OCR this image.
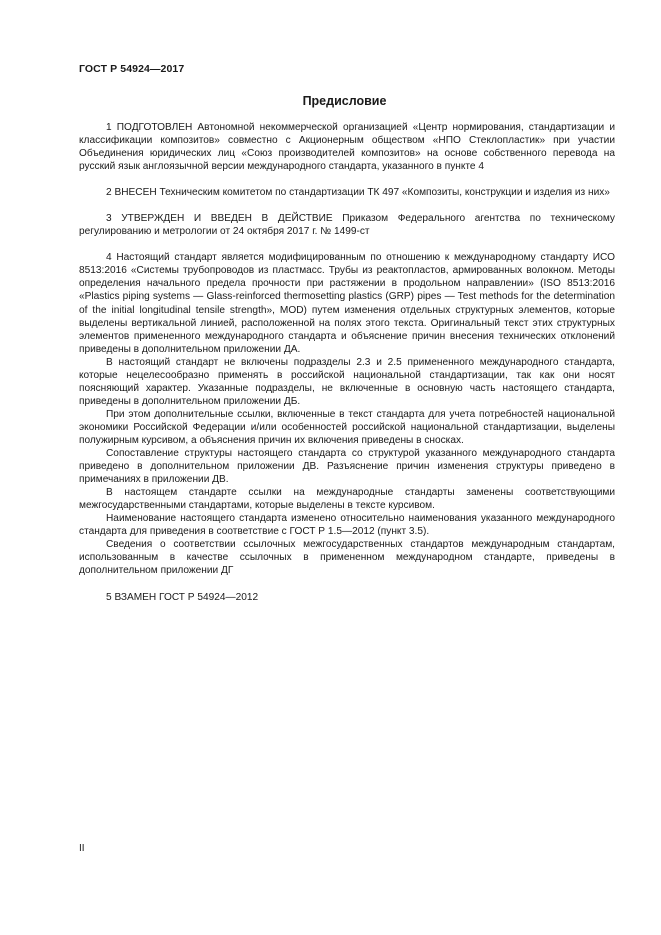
ГОСТ Р 54924—2017
Предисловие

1 ПОДГОТОВЛЕН Автономной некоммерческой организацией «Центр нормирования, стандартизации и классификации композитов» совместно с Акционерным обществом «НПО Стеклопластик» при участии Объединения юридических лиц «Союз производителей композитов» на основе собственного перевода на русский язык англоязычной версии международного стандарта, указанного в пункте 4

2 ВНЕСЕН Техническим комитетом по стандартизации ТК 497 «Композиты, конструкции и изделия из них»

3 УТВЕРЖДЕН И ВВЕДЕН В ДЕЙСТВИЕ Приказом Федерального агентства по техническому регулированию и метрологии от 24 октября 2017 г. № 1499-ст

4 Настоящий стандарт является модифицированным по отношению к международному стандарту ИСО 8513:2016 «Системы трубопроводов из пластмасс. Трубы из реактопластов, армированных волокном. Методы определения начального предела прочности при растяжении в продольном направлении» (ISO 8513:2016 «Plastics piping systems — Glass-reinforced thermosetting plastics (GRP) pipes — Test methods for the determination of the initial longitudinal tensile strength», MOD) путем изменения отдельных структурных элементов, которые выделены вертикальной линией, расположенной на полях этого текста. Оригинальный текст этих структурных элементов примененного международного стандарта и объяснение причин внесения технических отклонений приведены в дополнительном приложении ДА.

В настоящий стандарт не включены подразделы 2.3 и 2.5 примененного международного стандарта, которые нецелесообразно применять в российской национальной стандартизации, так как они носят поясняющий характер. Указанные подразделы, не включенные в основную часть настоящего стандарта, приведены в дополнительном приложении ДБ.

При этом дополнительные ссылки, включенные в текст стандарта для учета потребностей национальной экономики Российской Федерации и/или особенностей российской национальной стандартизации, выделены полужирным курсивом, а объяснения причин их включения приведены в сносках.

Сопоставление структуры настоящего стандарта со структурой указанного международного стандарта приведено в дополнительном приложении ДВ. Разъяснение причин изменения структуры приведено в примечаниях в приложении ДВ.

В настоящем стандарте ссылки на международные стандарты заменены соответствующими межгосударственными стандартами, которые выделены в тексте курсивом.

Наименование настоящего стандарта изменено относительно наименования указанного международного стандарта для приведения в соответствие с ГОСТ Р 1.5—2012 (пункт 3.5).

Сведения о соответствии ссылочных межгосударственных стандартов международным стандартам, использованным в качестве ссылочных в примененном международном стандарте, приведены в дополнительном приложении ДГ

5 ВЗАМЕН ГОСТ Р 54924—2012

II
